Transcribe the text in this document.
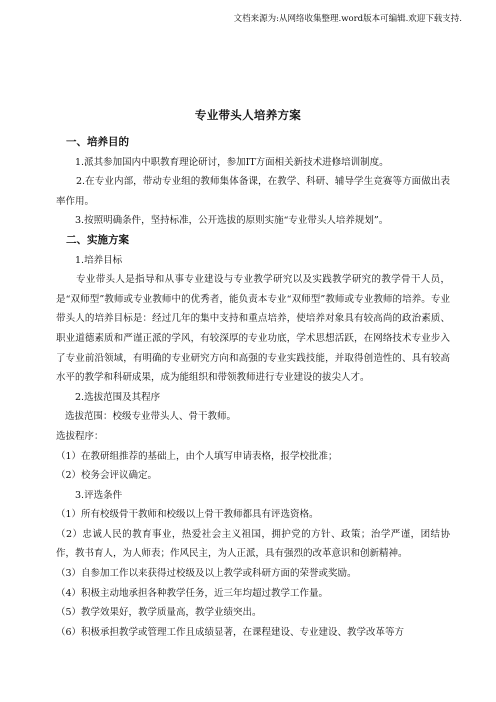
文档来源为:从网络收集整理.word版本可编辑.欢迎下载支持.
专业带头人培养方案

一、培养目的

1.派其参加国内中职教育理论研讨，参加IT方面相关新技术进修培训制度。

2.在专业内部，带动专业组的教师集体备课，在教学、科研、辅导学生竞赛等方面做出表率作用。

3.按照明确条件，坚持标准，公开选拔的原则实施“专业带头人培养规划”。

二、实施方案

1.培养目标

专业带头人是指导和从事专业建设与专业教学研究以及实践教学研究的教学骨干人员，是“双师型”教师或专业教师中的优秀者，能负责本专业“双师型”教师或专业教师的培养。专业带头人的培养目标是：经过几年的集中支持和重点培养，使培养对象具有较高尚的政治素质、职业道德素质和严谨正派的学风，有较深厚的专业功底，学术思想活跃，在网络技术专业步入了专业前沿领域，有明确的专业研究方向和高强的专业实践技能，并取得创造性的、具有较高水平的教学和科研成果，成为能组织和带领教师进行专业建设的拔尖人才。

2.选拔范围及其程序

选拔范围：校级专业带头人、骨干教师。

选拔程序：

（1）在教研组推荐的基础上，由个人填写申请表格，报学校批准；

（2）校务会评议确定。

3.评选条件

（1）所有校级骨干教师和校级以上骨干教师都具有评选资格。

（2）忠诚人民的教育事业，热爱社会主义祖国，拥护党的方针、政策；治学严谨，团结协作，教书育人，为人师表；作风民主，为人正派，具有强烈的改革意识和创新精神。

（3）自参加工作以来获得过校级及以上教学或科研方面的荣誉或奖励。

（4）积极主动地承担各种教学任务，近三年均超过教学工作量。

（5）教学效果好，教学质量高，教学业绩突出。

（6）积极承担教学或管理工作且成绩显著，在课程建设、专业建设、教学改革等方
